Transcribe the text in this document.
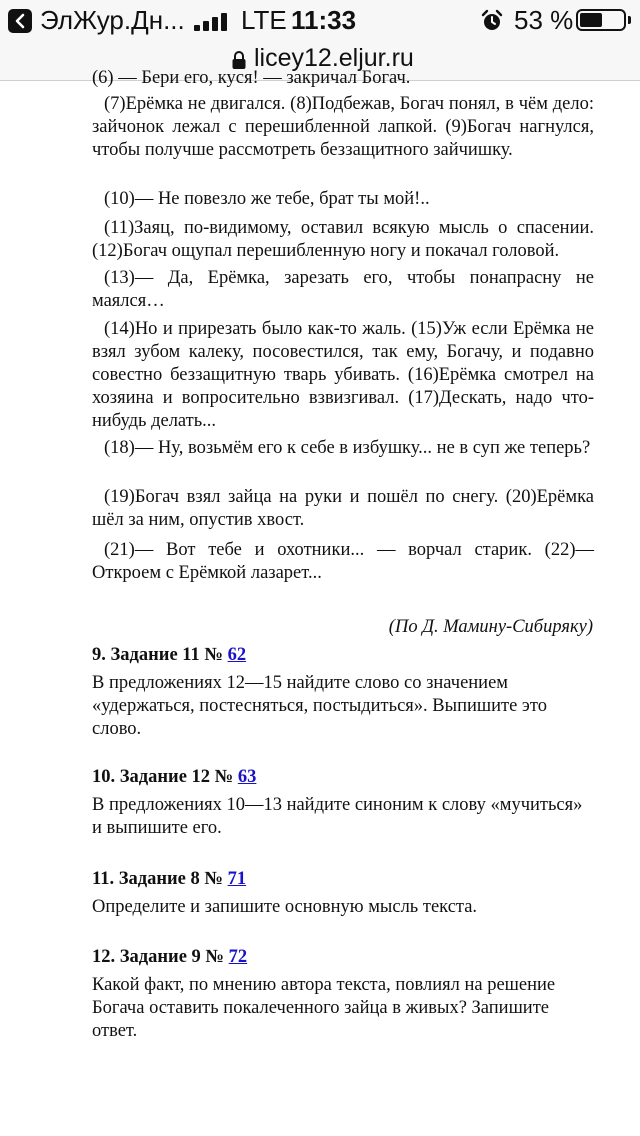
ЭлЖур.Дн... LTE 11:33	53 %
licey12.eljur.ru
(6) — Бери его, куся! — закричал Богач.
(7)Ерёмка не двигался. (8)Подбежав, Богач понял, в чём дело: зайчонок лежал с перешибленной лапкой. (9)Богач нагнулся, чтобы получше рассмотреть беззащитного зайчишку.
(10)— Не повезло же тебе, брат ты мой!..
(11)Заяц, по-видимому, оставил всякую мысль о спасении. (12)Богач ощупал перешибленную ногу и покачал головой.
(13)— Да, Ерёмка, зарезать его, чтобы понапрасну не маялся…
(14)Но и прирезать было как-то жаль. (15)Уж если Ерёмка не взял зубом калеку, посовестился, так ему, Богачу, и подавно совестно беззащитную тварь убивать. (16)Ерёмка смотрел на хозяина и вопросительно взвизгивал. (17)Дескать, надо что-нибудь делать...
(18)— Ну, возьмём его к себе в избушку... не в суп же теперь?
(19)Богач взял зайца на руки и пошёл по снегу. (20)Ерёмка шёл за ним, опустив хвост.
(21)— Вот тебе и охотники... — ворчал старик. (22)— Откроем с Ерёмкой лазарет...
(По Д. Мамину-Сибиряку)
9. Задание 11 № 62
В предложениях 12—15 найдите слово со значением «удержаться, постесняться, постыдиться». Выпишите это слово.
10. Задание 12 № 63
В предложениях 10—13 найдите синоним к слову «мучиться» и выпишите его.
11. Задание 8 № 71
Определите и запишите основную мысль текста.
12. Задание 9 № 72
Какой факт, по мнению автора текста, повлиял на решение Богача оставить покалеченного зайца в живых? Запишите ответ.
